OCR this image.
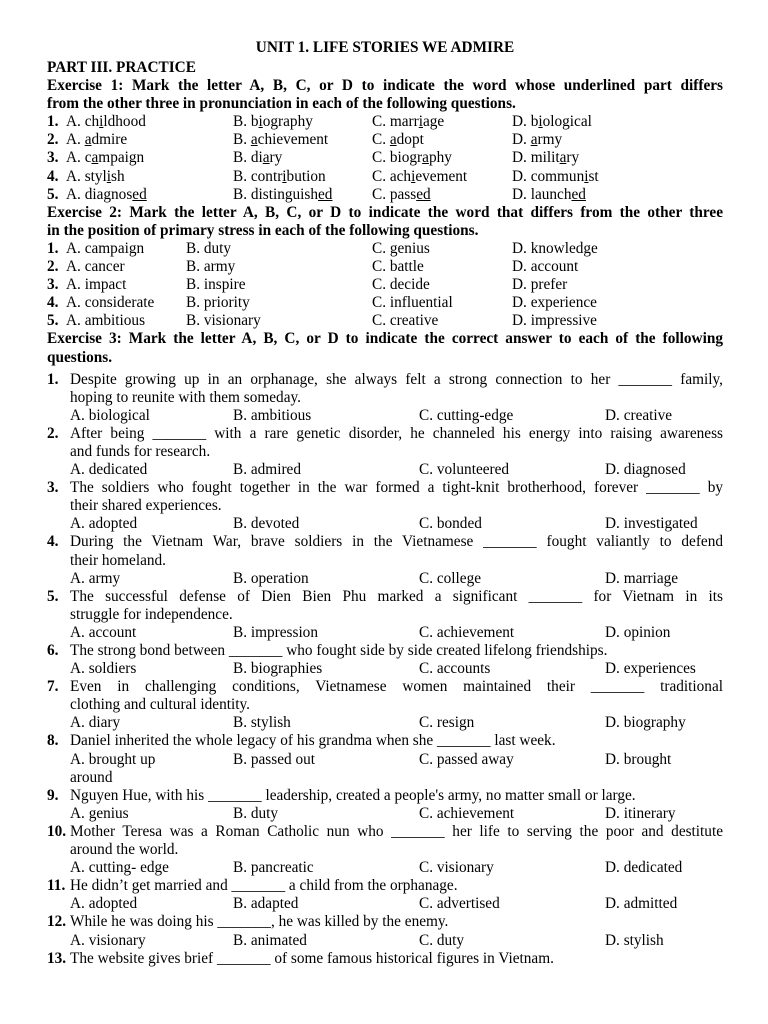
UNIT 1. LIFE STORIES WE ADMIRE
PART III. PRACTICE
Exercise 1: Mark the letter A, B, C, or D to indicate the word whose underlined part differs
from the other three in pronunciation in each of the following questions.
1. A. childhood	B. biography	C. marriage	D. biological
2. A. admire	B. achievement	C. adopt	D. army
3. A. campaign	B. diary	C. biography	D. military
4. A. stylish	B. contribution	C. achievement	D. communist
5. A. diagnosed	B. distinguished	C. passed	D. launched
Exercise 2: Mark the letter A, B, C, or D to indicate the word that differs from the other three
in the position of primary stress in each of the following questions.
1. A. campaign	B. duty	C. genius	D. knowledge
2. A. cancer	B. army	C. battle	D. account
3. A. impact	B. inspire	C. decide	D. prefer
4. A. considerate B. priority	C. influential	D. experience
5. A. ambitious	B. visionary	C. creative	D. impressive
Exercise 3: Mark the letter A, B, C, or D to indicate the correct answer to each of the following
questions.
1. Despite growing up in an orphanage, she always felt a strong connection to her _______ family,
hoping to reunite with them someday.
A. biological	B. ambitious	C. cutting-edge	D. creative
2. After being _______ with a rare genetic disorder, he channeled his energy into raising awareness
and funds for research.
A. dedicated	B. admired	C. volunteered	D. diagnosed
3. The soldiers who fought together in the war formed a tight-knit brotherhood, forever _______ by
their shared experiences.
A. adopted	B. devoted	C. bonded	D. investigated
4. During the Vietnam War, brave soldiers in the Vietnamese _______ fought valiantly to defend
their homeland.
A. army	B. operation	C. college	D. marriage
5. The successful defense of Dien Bien Phu marked a significant _______ for Vietnam in its
struggle for independence.
A. account	B. impression	C. achievement	D. opinion
6. The strong bond between _______ who fought side by side created lifelong friendships.
A. soldiers	B. biographies	C. accounts	D. experiences
7. Even in challenging conditions, Vietnamese women maintained their _______ traditional
clothing and cultural identity.
A. diary	B. stylish	C. resign	D. biography
8. Daniel inherited the whole legacy of his grandma when she _______ last week.
A. brought up	B. passed out	C. passed away	D. brought
around
9. Nguyen Hue, with his _______ leadership, created a people's army, no matter small or large.
A. genius	B. duty	C. achievement	D. itinerary
10. Mother Teresa was a Roman Catholic nun who _______ her life to serving the poor and destitute
around the world.
A. cutting- edge	B. pancreatic	C. visionary	D. dedicated
11. He didn’t get married and _______ a child from the orphanage.
A. adopted	B. adapted	C. advertised	D. admitted
12. While he was doing his _______, he was killed by the enemy.
A. visionary	B. animated	C. duty	D. stylish
13. The website gives brief _______ of some famous historical figures in Vietnam.
